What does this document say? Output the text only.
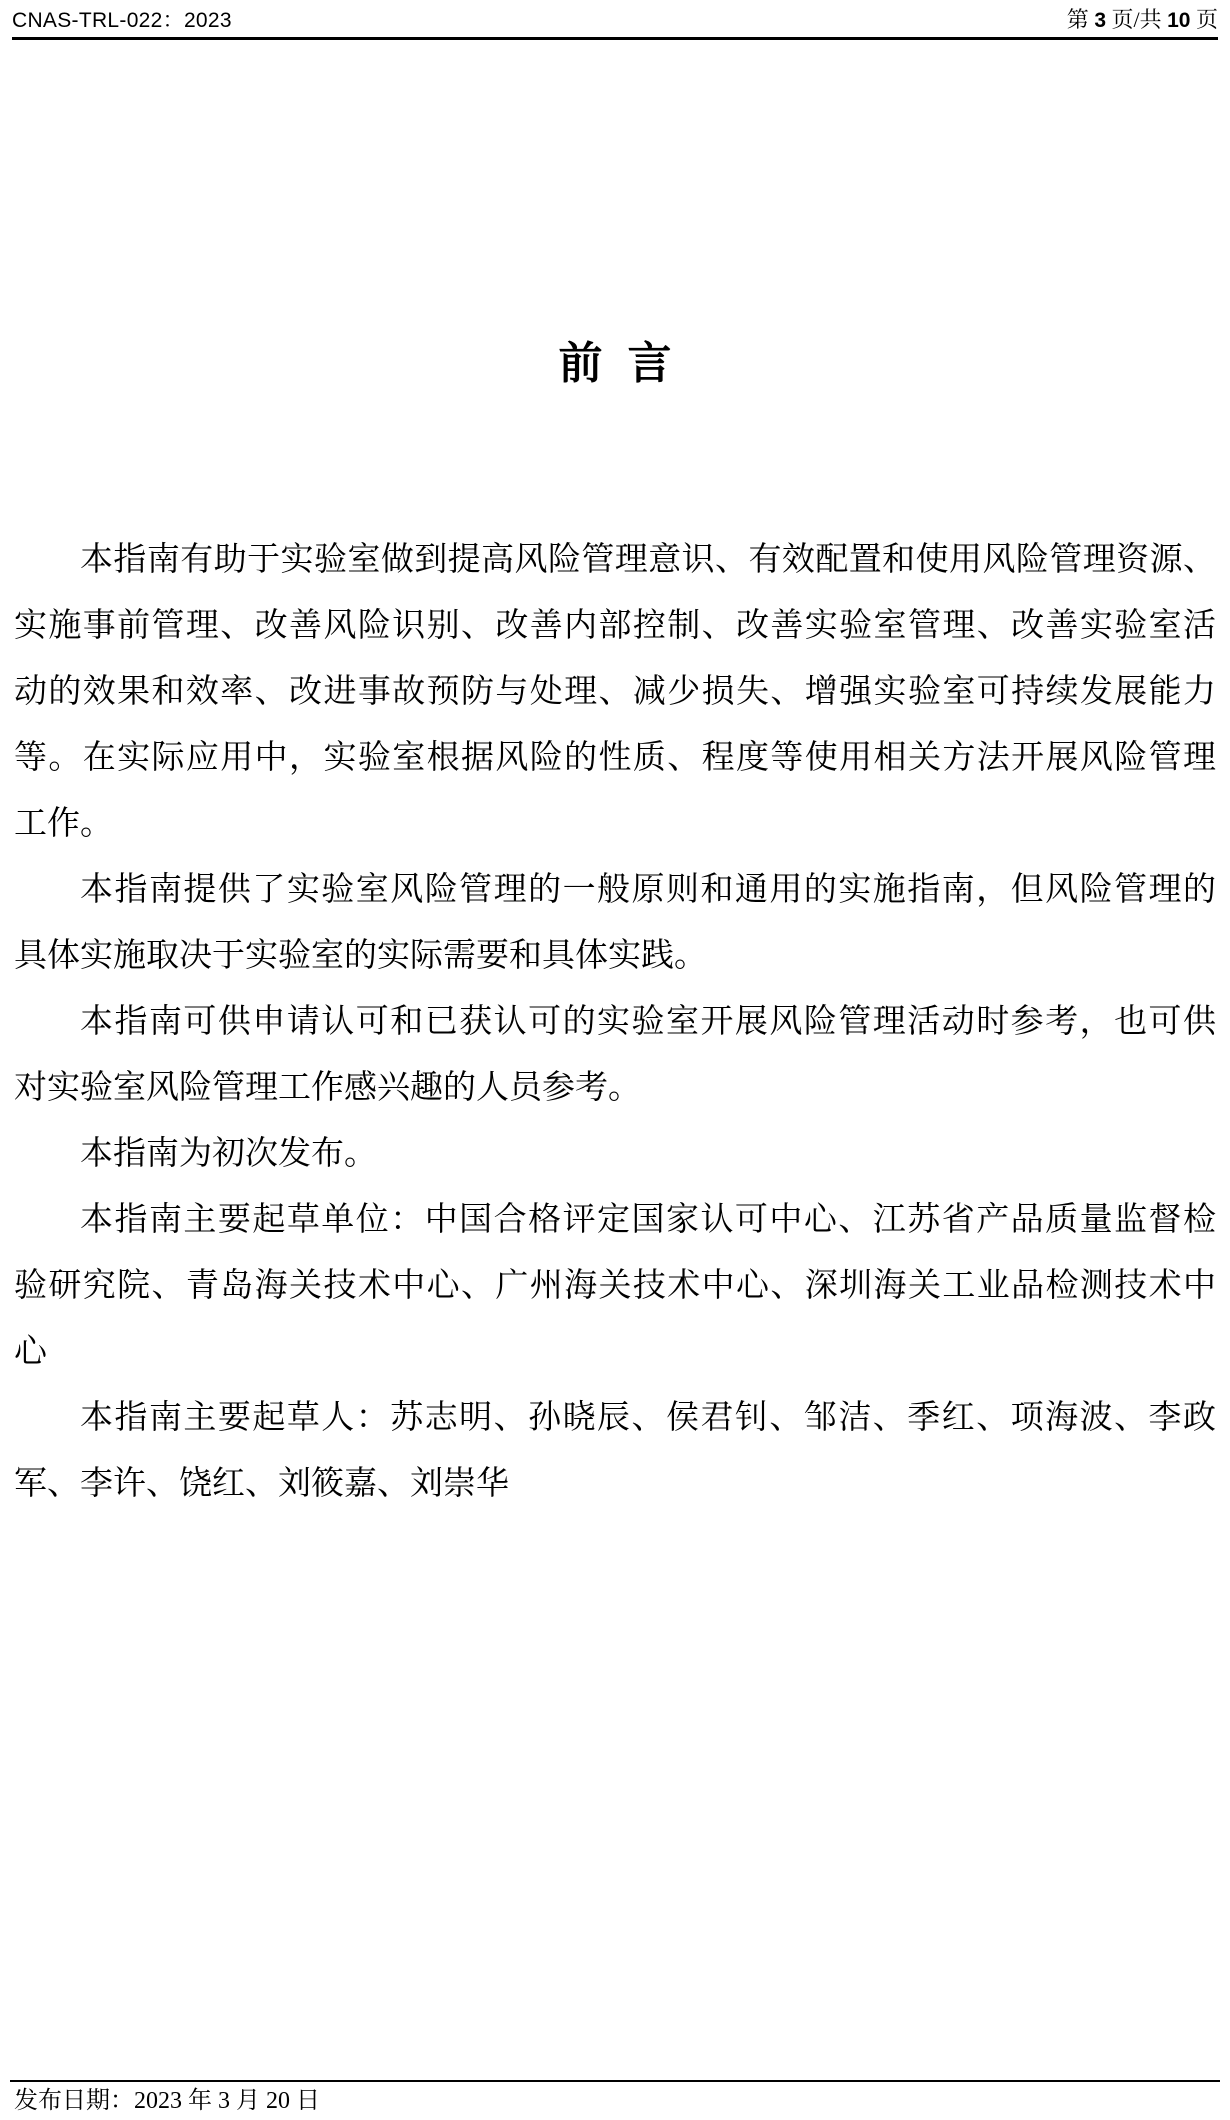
CNAS-TRL-022：2023	第 3 页/共 10 页
前 言
本指南有助于实验室做到提高风险管理意识、有效配置和使用风险管理资源、
实施事前管理、改善风险识别、改善内部控制、改善实验室管理、改善实验室活
动的效果和效率、改进事故预防与处理、减少损失、增强实验室可持续发展能力
等。在实际应用中，实验室根据风险的性质、程度等使用相关方法开展风险管理
工作。
本指南提供了实验室风险管理的一般原则和通用的实施指南，但风险管理的
具体实施取决于实验室的实际需要和具体实践。
本指南可供申请认可和已获认可的实验室开展风险管理活动时参考，也可供
对实验室风险管理工作感兴趣的人员参考。
本指南为初次发布。
本指南主要起草单位：中国合格评定国家认可中心、江苏省产品质量监督检
验研究院、青岛海关技术中心、广州海关技术中心、深圳海关工业品检测技术中
心
本指南主要起草人：苏志明、孙晓辰、侯君钊、邹洁、季红、项海波、李政
军、李许、饶红、刘筱嘉、刘崇华
发布日期：2023 年 3 月 20 日
